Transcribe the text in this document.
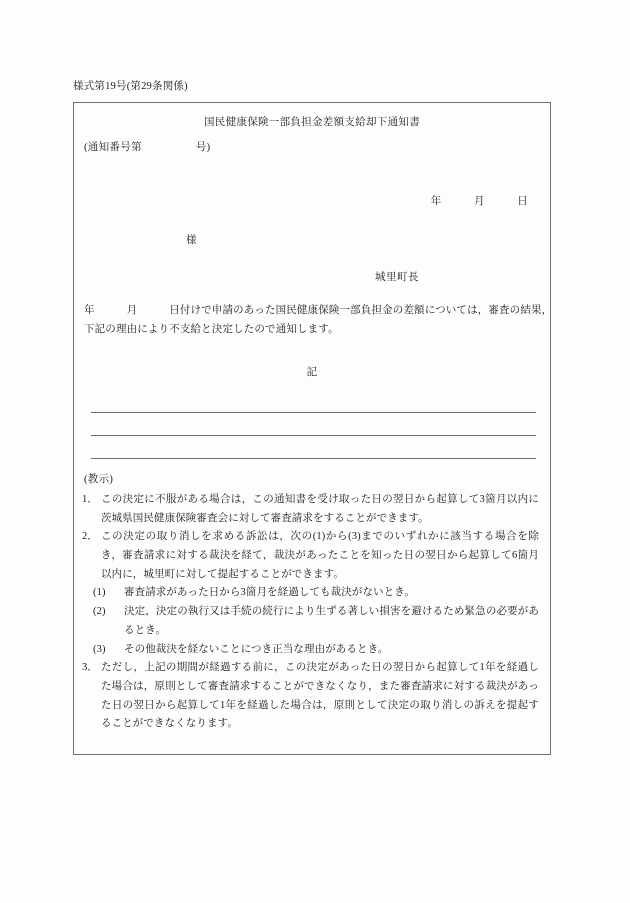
様式第19号(第29条関係)
国民健康保険一部負担金差額支給却下通知書
(通知番号第　　　　　号)
年　　　月　　　日
様
城里町長
年　　　月　　　日付けで申請のあった国民健康保険一部負担金の差額については，審査の結果，下記の理由により不支給と決定したので通知します。
記
(教示)
1． この決定に不服がある場合は，この通知書を受け取った日の翌日から起算して3箇月以内に茨城県国民健康保険審査会に対して審査請求をすることができます。
2． この決定の取り消しを求める訴訟は，次の(1)から(3)までのいずれかに該当する場合を除き，審査請求に対する裁決を経て，裁決があったことを知った日の翌日から起算して6箇月以内に，城里町に対して提起することができます。
(1)	審査請求があった日から3箇月を経過しても裁決がないとき。
(2)	決定，決定の執行又は手続の続行により生ずる著しい損害を避けるため緊急の必要があるとき。
(3)	その他裁決を経ないことにつき正当な理由があるとき。
3． ただし，上記の期間が経過する前に，この決定があった日の翌日から起算して1年を経過した場合は，原則として審査請求することができなくなり，また審査請求に対する裁決があった日の翌日から起算して1年を経過した場合は，原則として決定の取り消しの訴えを提起することができなくなります。
